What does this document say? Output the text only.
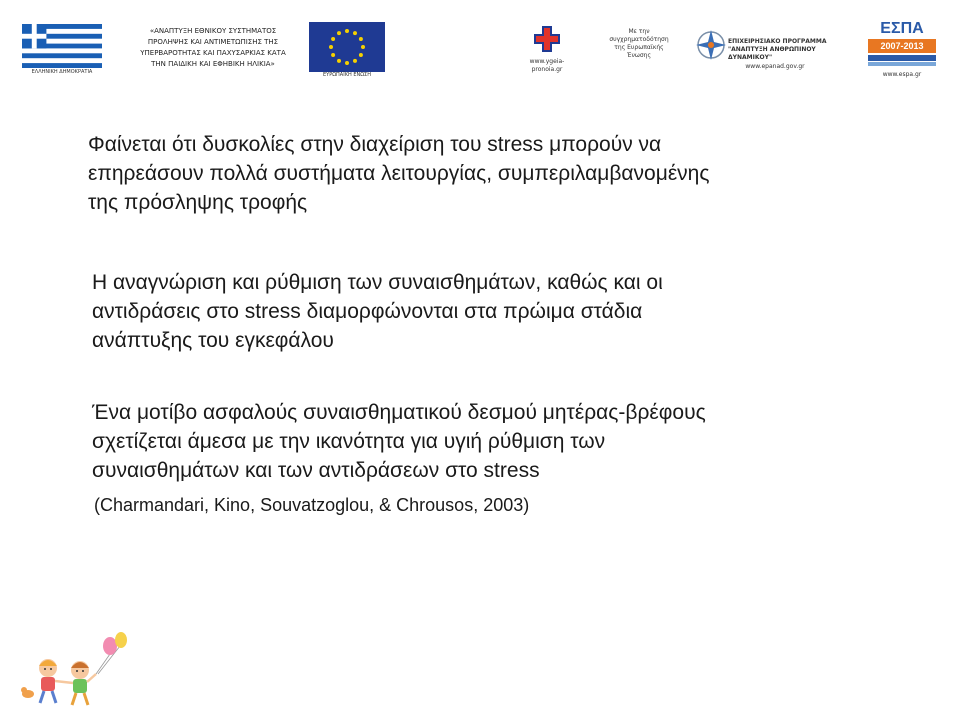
ΕΛΛΗΝΙΚΗ ΔΗΜΟΚΡΑΤΙΑ
«ΑΝΑΠΤΥΞΗ ΕΘΝΙΚΟΥ ΣΥΣΤΗΜΑΤΟΣ
ΠΡΟΛΗΨΗΣ ΚΑΙ ΑΝΤΙΜΕΤΩΠΙΣΗΣ ΤΗΣ
ΥΠΕΡΒΑΡΟΤΗΤΑΣ ΚΑΙ ΠΑΧΥΣΑΡΚΙΑΣ ΚΑΤΑ
ΤΗΝ ΠΑΙΔΙΚΗ ΚΑΙ ΕΦΗΒΙΚΗ ΗΛΙΚΙΑ»
ΕΥΡΩΠΑΪΚΗ ΕΝΩΣΗ
www.ygeia-
pronoia.gr
Με την
συγχρηματοδότηση
της Ευρωπαϊκής
Ένωσης
ΕΠΙΧΕΙΡΗΣΙΑΚΟ ΠΡΟΓΡΑΜΜΑ
"ΑΝΑΠΤΥΞΗ ΑΝΘΡΩΠΙΝΟΥ ΔΥΝΑΜΙΚΟΥ"
www.epanad.gov.gr
ΕΣΠΑ
2007-2013
www.espa.gr
Φαίνεται ότι δυσκολίες στην διαχείριση του stress μπορούν να
επηρεάσουν πολλά συστήματα λειτουργίας, συμπεριλαμβανομένης
της πρόσληψης τροφής
Η αναγνώριση και ρύθμιση των συναισθημάτων, καθώς και οι
αντιδράσεις στο stress διαμορφώνονται στα πρώιμα στάδια
ανάπτυξης του εγκεφάλου
Ένα μοτίβο ασφαλούς συναισθηματικού δεσμού μητέρας-βρέφους
σχετίζεται άμεσα με την ικανότητα για υγιή ρύθμιση των
συναισθημάτων και των αντιδράσεων στο stress
(Charmandari, Kino, Souvatzoglou, & Chrousos, 2003)
